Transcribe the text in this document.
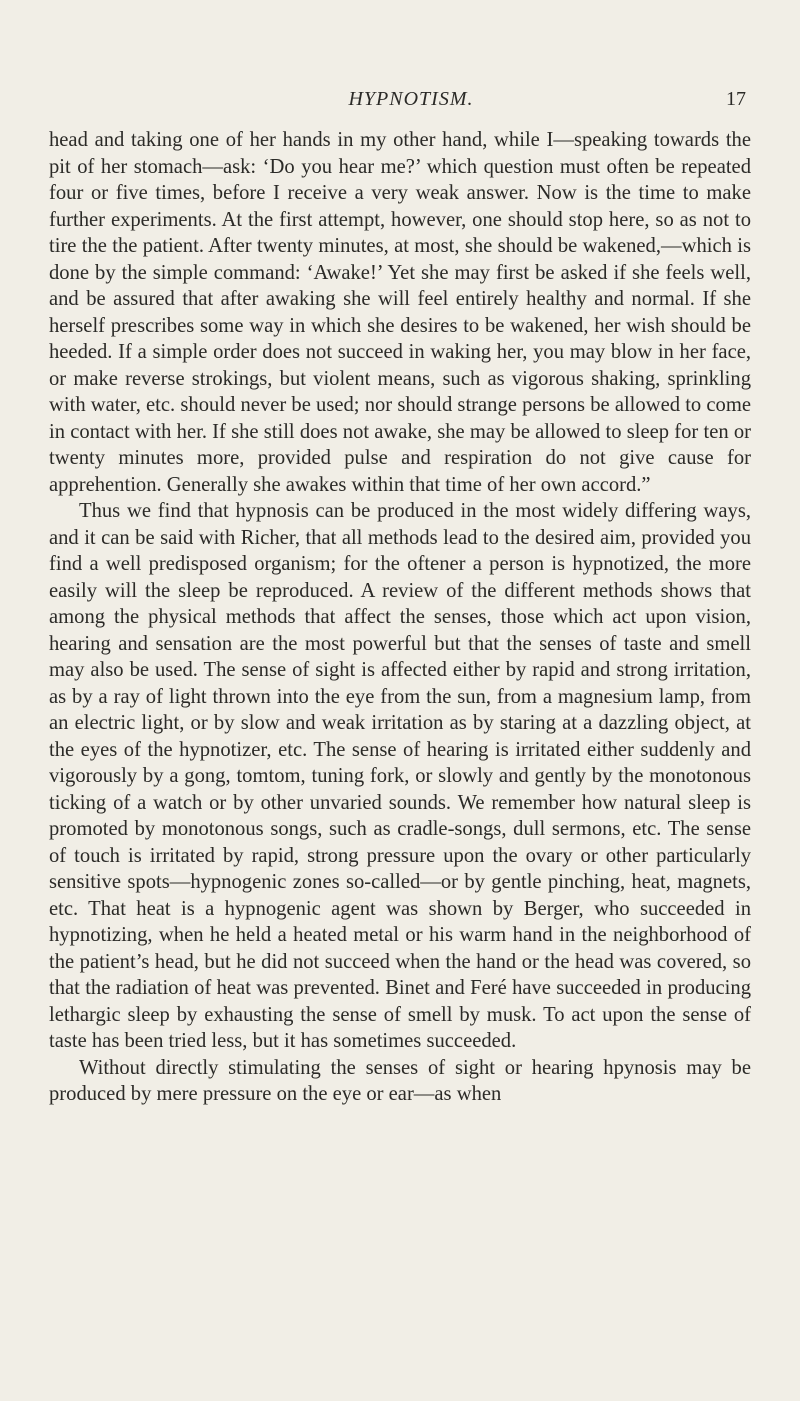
HYPNOTISM.	17

head and taking one of her hands in my other hand, while I—speaking towards the pit of her stomach—ask: ‘Do you hear me?’ which question must often be repeated four or five times, before I receive a very weak answer. Now is the time to make further experiments. At the first attempt, however, one should stop here, so as not to tire the the patient. After twenty minutes, at most, she should be wakened,—which is done by the simple command: ‘Awake!’ Yet she may first be asked if she feels well, and be assured that after awaking she will feel entirely healthy and normal. If she herself prescribes some way in which she desires to be wakened, her wish should be heeded. If a simple order does not succeed in waking her, you may blow in her face, or make reverse strokings, but violent means, such as vigorous shaking, sprinkling with water, etc. should never be used; nor should strange persons be allowed to come in contact with her. If she still does not awake, she may be allowed to sleep for ten or twenty minutes more, provided pulse and respiration do not give cause for apprehention. Generally she awakes within that time of her own accord.”

Thus we find that hypnosis can be produced in the most widely differing ways, and it can be said with Richer, that all methods lead to the desired aim, provided you find a well predisposed organism; for the oftener a person is hypnotized, the more easily will the sleep be reproduced. A review of the different methods shows that among the physical methods that affect the senses, those which act upon vision, hearing and sensation are the most powerful but that the senses of taste and smell may also be used. The sense of sight is affected either by rapid and strong irritation, as by a ray of light thrown into the eye from the sun, from a magnesium lamp, from an electric light, or by slow and weak irritation as by staring at a dazzling object, at the eyes of the hypnotizer, etc. The sense of hearing is irritated either suddenly and vigorously by a gong, tomtom, tuning fork, or slowly and gently by the monotonous ticking of a watch or by other unvaried sounds. We remember how natural sleep is promoted by monotonous songs, such as cradle-songs, dull sermons, etc. The sense of touch is irritated by rapid, strong pressure upon the ovary or other particularly sensitive spots—hypnogenic zones so-called—or by gentle pinching, heat, magnets, etc. That heat is a hypnogenic agent was shown by Berger, who succeeded in hypnotizing, when he held a heated metal or his warm hand in the neighborhood of the patient’s head, but he did not succeed when the hand or the head was covered, so that the radiation of heat was prevented. Binet and Feré have succeeded in producing lethargic sleep by exhausting the sense of smell by musk. To act upon the sense of taste has been tried less, but it has sometimes succeeded.

Without directly stimulating the senses of sight or hearing hpynosis may be produced by mere pressure on the eye or ear—as when
